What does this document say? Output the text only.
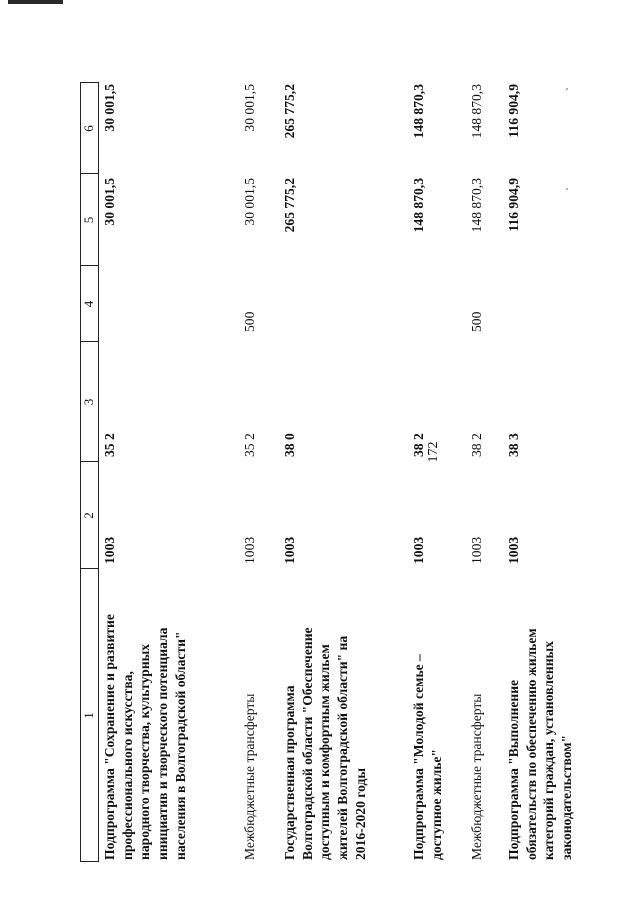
172
1
2
3
4
5
6
Подпрограмма "Сохранение и развитие профессионального искусства, народного творчества, культурных инициатив и творческого потенциала населения в Волгоградской области"
1003
35 2
30 001,5
30 001,5
Межбюджетные трансферты
1003
35 2
500
30 001,5
30 001,5
Государственная программа Волгоградской области "Обеспечение доступным и комфортным жильем жителей Волгоградской области" на 2016-2020 годы
1003
38 0
265 775,2
265 775,2
Подпрограмма "Молодой семье – доступное жилье"
1003
38 2
148 870,3
148 870,3
Межбюджетные трансферты
1003
38 2
500
148 870,3
148 870,3
Подпрограмма "Выполнение обязательств по обеспечению жильем категорий граждан, установленных законодательством"
1003
38 3
116 904,9
116 904,9
